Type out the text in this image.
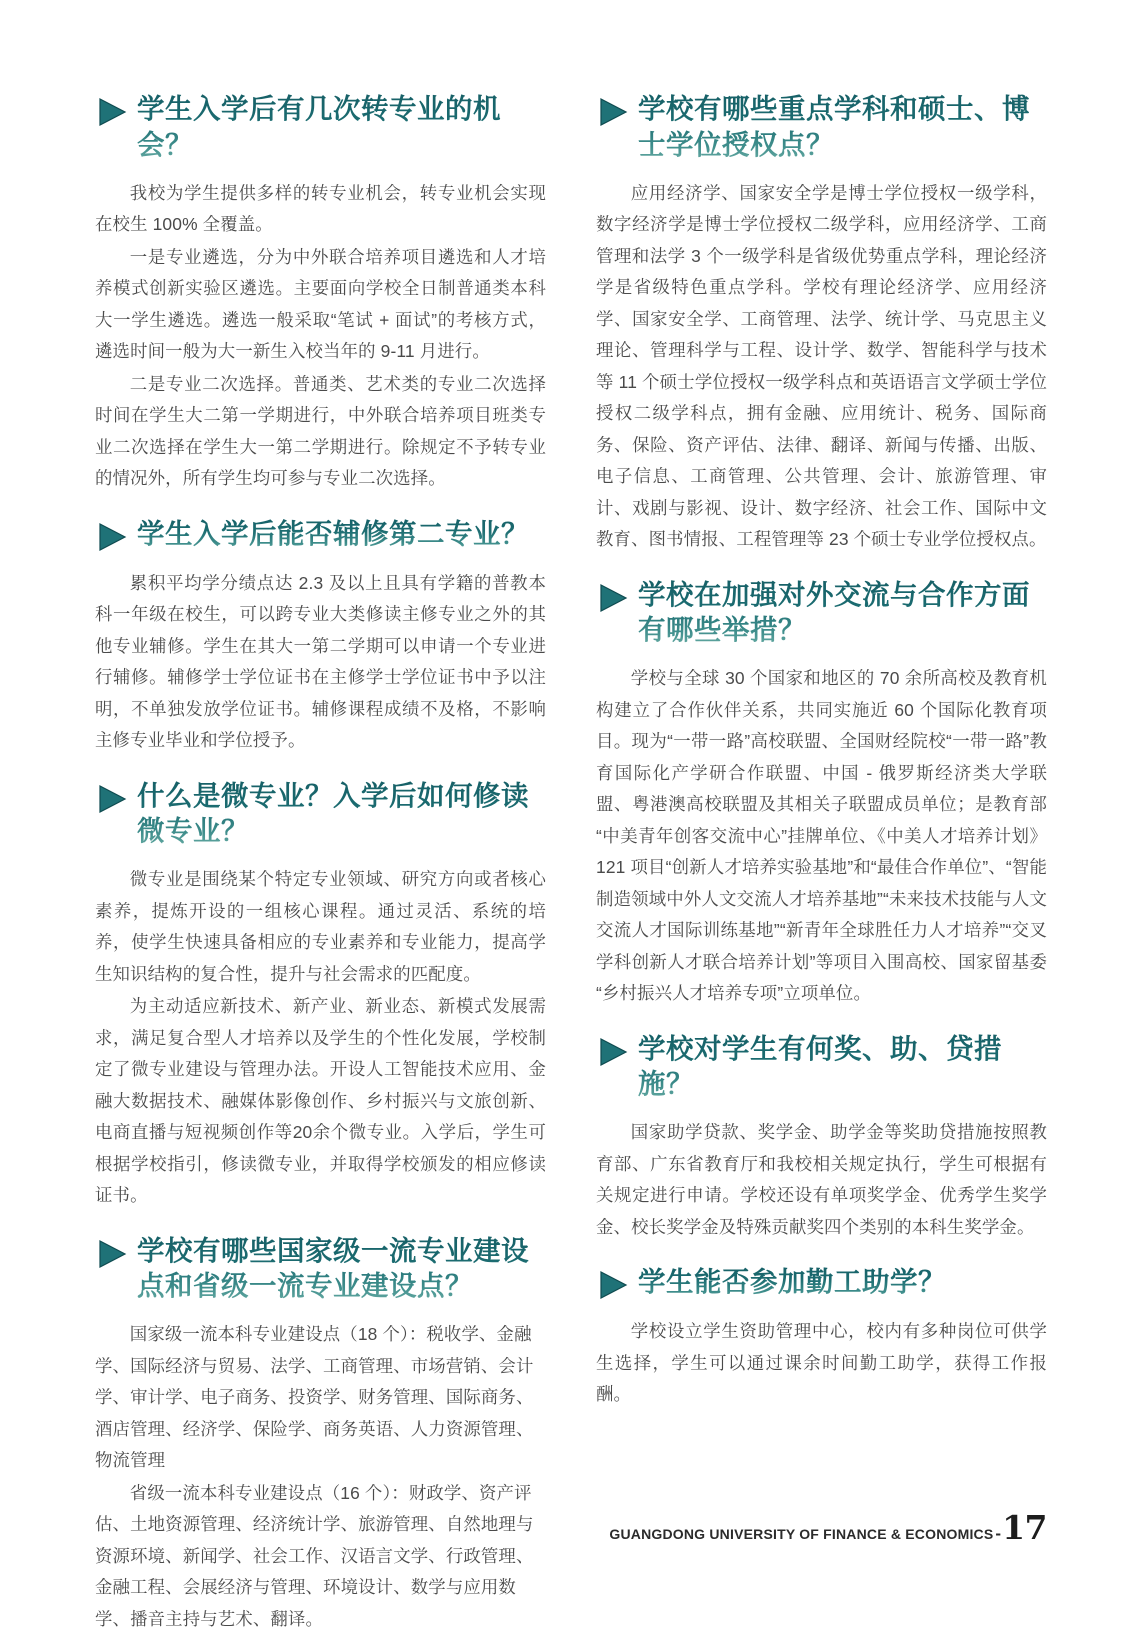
学生入学后有几次转专业的机会？

我校为学生提供多样的转专业机会，转专业机会实现在校生 100% 全覆盖。

一是专业遴选，分为中外联合培养项目遴选和人才培养模式创新实验区遴选。主要面向学校全日制普通类本科大一学生遴选。遴选一般采取“笔试 + 面试”的考核方式，遴选时间一般为大一新生入校当年的 9-11 月进行。

二是专业二次选择。普通类、艺术类的专业二次选择时间在学生大二第一学期进行，中外联合培养项目班类专业二次选择在学生大一第二学期进行。除规定不予转专业的情况外，所有学生均可参与专业二次选择。

学生入学后能否辅修第二专业？

累积平均学分绩点达 2.3 及以上且具有学籍的普教本科一年级在校生，可以跨专业大类修读主修专业之外的其他专业辅修。学生在其大一第二学期可以申请一个专业进行辅修。辅修学士学位证书在主修学士学位证书中予以注明，不单独发放学位证书。辅修课程成绩不及格，不影响主修专业毕业和学位授予。

什么是微专业？入学后如何修读微专业？

微专业是围绕某个特定专业领域、研究方向或者核心素养，提炼开设的一组核心课程。通过灵活、系统的培养，使学生快速具备相应的专业素养和专业能力，提高学生知识结构的复合性，提升与社会需求的匹配度。

为主动适应新技术、新产业、新业态、新模式发展需求，满足复合型人才培养以及学生的个性化发展，学校制定了微专业建设与管理办法。开设人工智能技术应用、金融大数据技术、融媒体影像创作、乡村振兴与文旅创新、电商直播与短视频创作等20余个微专业。入学后，学生可根据学校指引，修读微专业，并取得学校颁发的相应修读证书。

学校有哪些国家级一流专业建设点和省级一流专业建设点？

国家级一流本科专业建设点（18 个）：税收学、金融学、国际经济与贸易、法学、工商管理、市场营销、会计学、审计学、电子商务、投资学、财务管理、国际商务、酒店管理、经济学、保险学、商务英语、人力资源管理、物流管理

省级一流本科专业建设点（16 个）：财政学、资产评估、土地资源管理、经济统计学、旅游管理、自然地理与资源环境、新闻学、社会工作、汉语言文学、行政管理、金融工程、会展经济与管理、环境设计、数学与应用数学、播音主持与艺术、翻译。

学校有哪些重点学科和硕士、博士学位授权点？

应用经济学、国家安全学是博士学位授权一级学科，数字经济学是博士学位授权二级学科，应用经济学、工商管理和法学 3 个一级学科是省级优势重点学科，理论经济学是省级特色重点学科。学校有理论经济学、应用经济学、国家安全学、工商管理、法学、统计学、马克思主义理论、管理科学与工程、设计学、数学、智能科学与技术等 11 个硕士学位授权一级学科点和英语语言文学硕士学位授权二级学科点，拥有金融、应用统计、税务、国际商务、保险、资产评估、法律、翻译、新闻与传播、出版、电子信息、工商管理、公共管理、会计、旅游管理、审计、戏剧与影视、设计、数字经济、社会工作、国际中文教育、图书情报、工程管理等 23 个硕士专业学位授权点。

学校在加强对外交流与合作方面有哪些举措？

学校与全球 30 个国家和地区的 70 余所高校及教育机构建立了合作伙伴关系，共同实施近 60 个国际化教育项目。现为“一带一路”高校联盟、全国财经院校“一带一路”教育国际化产学研合作联盟、中国 - 俄罗斯经济类大学联盟、粤港澳高校联盟及其相关子联盟成员单位；是教育部“中美青年创客交流中心”挂牌单位、《中美人才培养计划》121 项目“创新人才培养实验基地”和“最佳合作单位”、“智能制造领域中外人文交流人才培养基地”“未来技术技能与人文交流人才国际训练基地”“新青年全球胜任力人才培养”“交叉学科创新人才联合培养计划”等项目入围高校、国家留基委“乡村振兴人才培养专项”立项单位。

学校对学生有何奖、助、贷措施？

国家助学贷款、奖学金、助学金等奖助贷措施按照教育部、广东省教育厅和我校相关规定执行，学生可根据有关规定进行申请。学校还设有单项奖学金、优秀学生奖学金、校长奖学金及特殊贡献奖四个类别的本科生奖学金。

学生能否参加勤工助学？

学校设立学生资助管理中心，校内有多种岗位可供学生选择，学生可以通过课余时间勤工助学，获得工作报酬。

GUANGDONG UNIVERSITY OF FINANCE & ECONOMICS - 17
